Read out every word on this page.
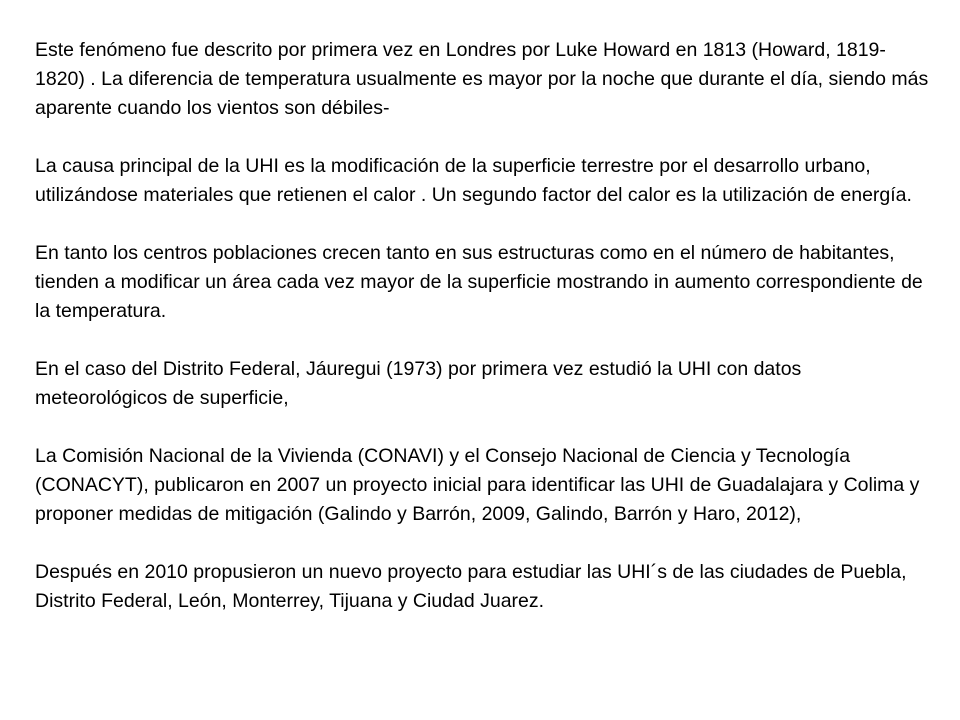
Este fenómeno fue descrito por primera vez en Londres por Luke Howard en 1813 (Howard, 1819-1820) . La diferencia de temperatura usualmente es mayor por la noche que durante el día, siendo más aparente cuando los vientos son débiles-

La causa principal de la UHI es la modificación de la superficie terrestre por el desarrollo urbano, utilizándose materiales que retienen el calor . Un segundo factor del calor es la utilización de energía.

En tanto los centros poblaciones crecen tanto en sus estructuras como en el número de habitantes, tienden a modificar un área cada vez mayor de la superficie mostrando in aumento correspondiente de la temperatura.

En el caso del Distrito Federal, Jáuregui (1973) por primera vez estudió la UHI con datos meteorológicos de superficie,

La Comisión Nacional de la Vivienda (CONAVI) y el Consejo Nacional de Ciencia y Tecnología (CONACYT), publicaron en 2007 un proyecto inicial para identificar las UHI de Guadalajara y Colima y proponer medidas de mitigación (Galindo y Barrón, 2009, Galindo, Barrón y Haro, 2012),

Después en 2010 propusieron un nuevo proyecto para estudiar las UHI´s de las ciudades de Puebla, Distrito Federal, León, Monterrey, Tijuana y Ciudad Juarez.
